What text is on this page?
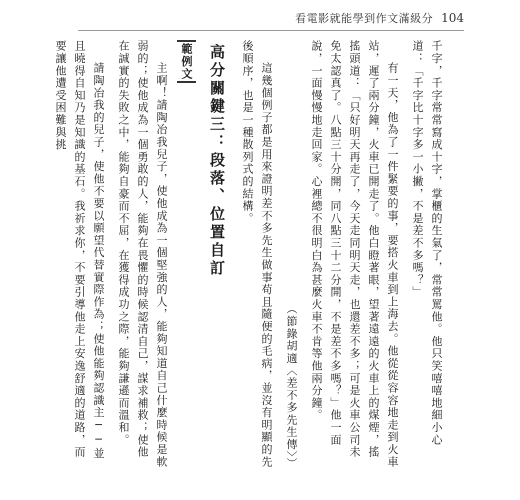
看電影就能學到作文滿級分 104

千字，千字常常寫成十字，掌櫃的生氣了，常常罵他。他只笑嘻嘻地細小心道：「千字比十字多一小撇，不是差不多嗎？」

有一天，他為了一件緊要的事，要搭火車到上海去。他從從容容地走到火車站，遲了兩分鐘，火車已開走了。他白瞪著眼，望著遠遠的火車上的煤煙，搖搖頭道：「只好明天再走了，今天走同明天走，也還差不多；可是火車公司未免太認真了。八點三十分開，同八點三十二分開，不是差不多嗎？」他一面說，一面慢慢地走回家。心裡總不很明白為甚麼火車不肯等他兩分鐘。

（節錄胡適〈差不多先生傳〉）

這幾個例子都是用來證明差不多先生做事苟且隨便的毛病，並沒有明顯的先後順序，也是一種散列式的結構。

高分關鍵三：段落、位置自訂

範例文

主啊！請陶冶我兒子，使他成為一個堅強的人，能夠知道自己什麼時候是軟弱的；使他成為一個勇敢的人，能夠在畏懼的時候認清自己，謀求補救；使他在誠實的失敗之中，能夠自豪而不屈，在獲得成功之際，能夠謙遜而溫和。

請陶冶我的兒子，使他不要以願望代替實際作為；使他能夠認識主──並且曉得自知乃是知識的基石。我祈求你，不要引導他走上安逸舒適的道路，而要讓他遭受困難與挑
